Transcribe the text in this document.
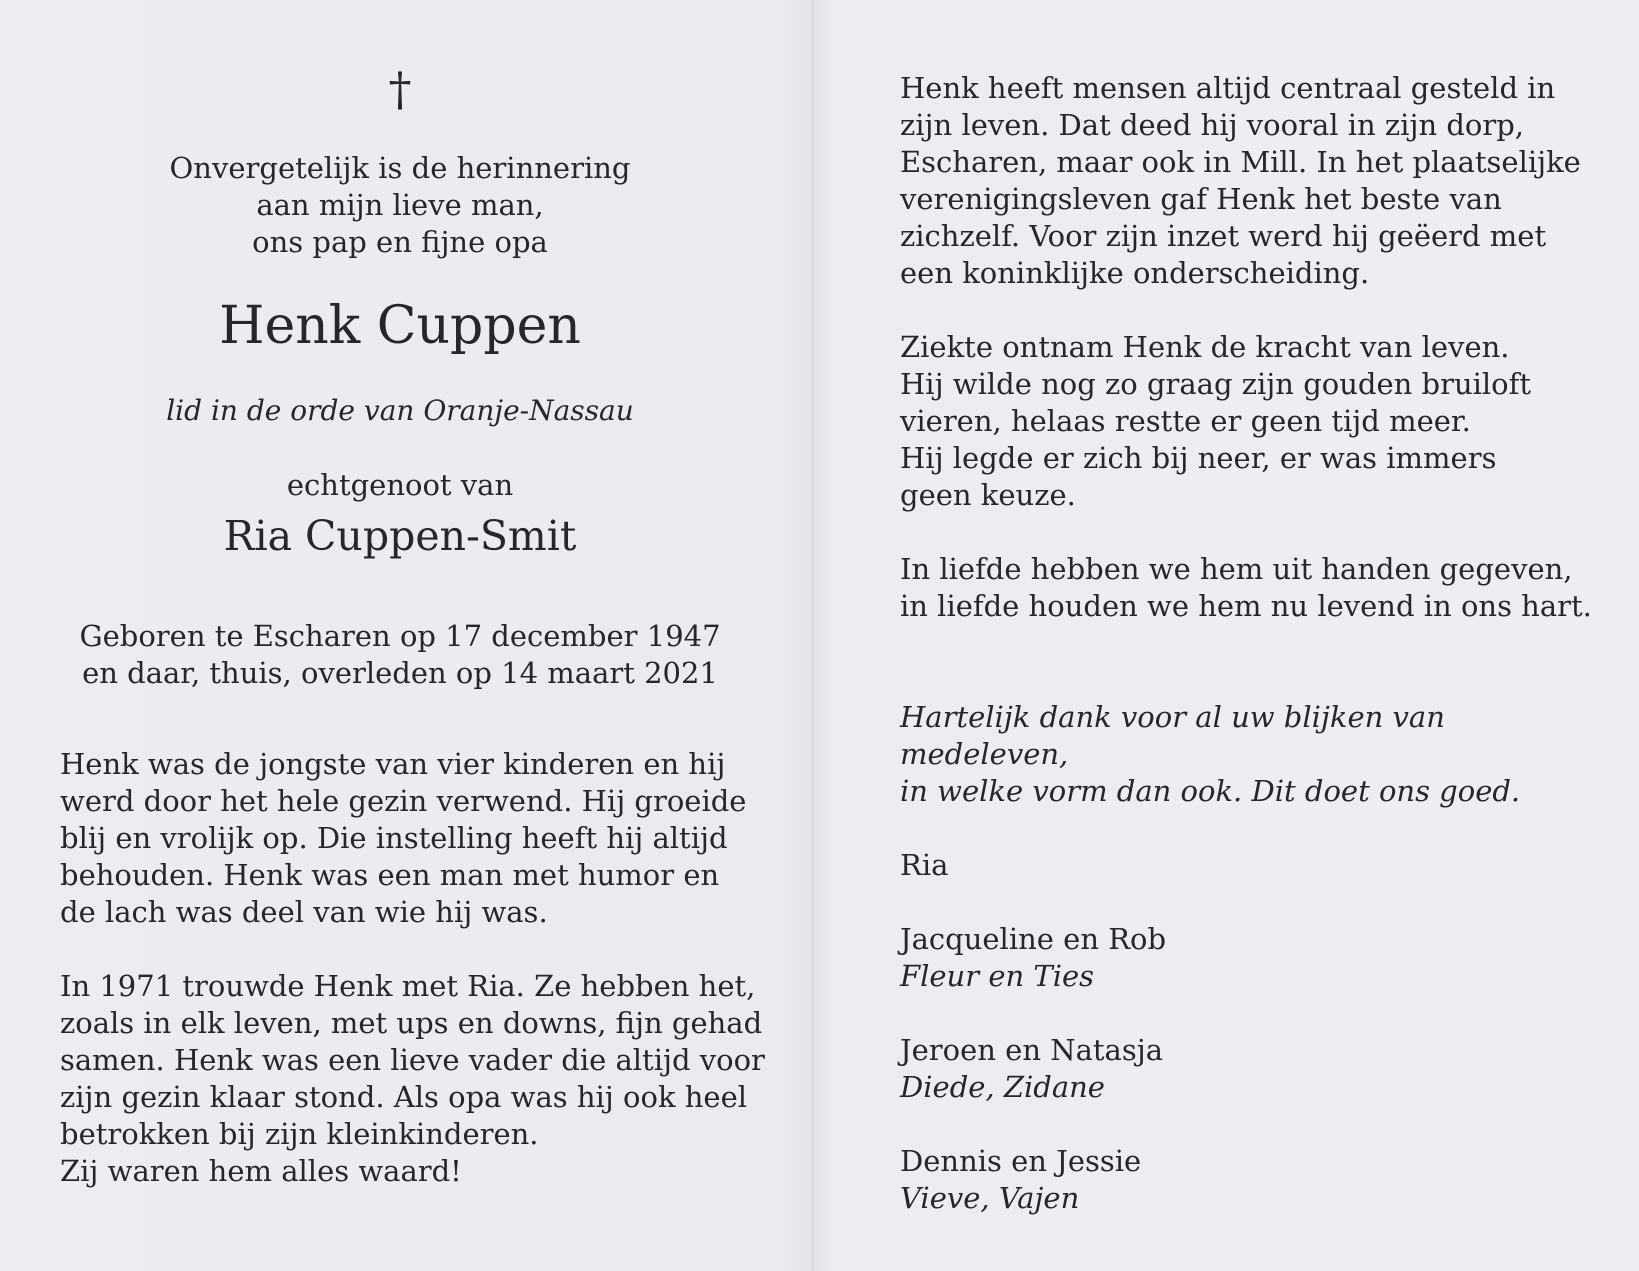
†
Onvergetelijk is de herinnering
aan mijn lieve man,
ons pap en fijne opa
Henk Cuppen
lid in de orde van Oranje-Nassau
echtgenoot van
Ria Cuppen-Smit
Geboren te Escharen op 17 december 1947
en daar, thuis, overleden op 14 maart 2021

Henk was de jongste van vier kinderen en hij
werd door het hele gezin verwend. Hij groeide
blij en vrolijk op. Die instelling heeft hij altijd
behouden. Henk was een man met humor en
de lach was deel van wie hij was.

In 1971 trouwde Henk met Ria. Ze hebben het,
zoals in elk leven, met ups en downs, fijn gehad
samen. Henk was een lieve vader die altijd voor
zijn gezin klaar stond. Als opa was hij ook heel
betrokken bij zijn kleinkinderen.
Zij waren hem alles waard!

Henk heeft mensen altijd centraal gesteld in
zijn leven. Dat deed hij vooral in zijn dorp,
Escharen, maar ook in Mill. In het plaatselijke
verenigingsleven gaf Henk het beste van
zichzelf. Voor zijn inzet werd hij geëerd met
een koninklijke onderscheiding.

Ziekte ontnam Henk de kracht van leven.
Hij wilde nog zo graag zijn gouden bruiloft
vieren, helaas restte er geen tijd meer.
Hij legde er zich bij neer, er was immers
geen keuze.

In liefde hebben we hem uit handen gegeven,
in liefde houden we hem nu levend in ons hart.

Hartelijk dank voor al uw blijken van medeleven,
in welke vorm dan ook. Dit doet ons goed.

Ria
Jacqueline en Rob
Fleur en Ties
Jeroen en Natasja
Diede, Zidane
Dennis en Jessie
Vieve, Vajen
